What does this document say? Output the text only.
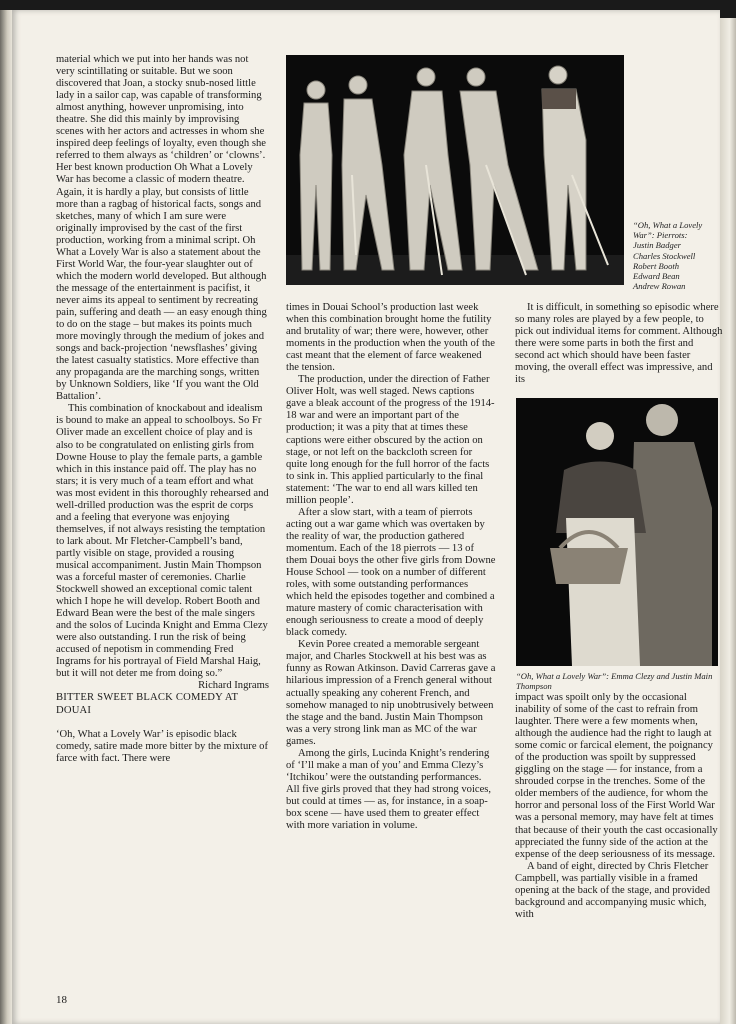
material which we put into her hands was not very scintillating or suitable. But we soon discovered that Joan, a stocky snub-nosed little lady in a sailor cap, was capable of transforming almost anything, however unpromising, into theatre. She did this mainly by improvising scenes with her actors and actresses in whom she inspired deep feelings of loyalty, even though she referred to them always as ‘children’ or ‘clowns’. Her best known production Oh What a Lovely War has become a classic of modern theatre. Again, it is hardly a play, but consists of little more than a ragbag of historical facts, songs and sketches, many of which I am sure were originally improvised by the cast of the first production, working from a minimal script. Oh What a Lovely War is also a statement about the First World War, the four-year slaughter out of which the modern world developed. But although the message of the entertainment is pacifist, it never aims its appeal to sentiment by recreating pain, suffering and death — an easy enough thing to do on the stage – but makes its points much more movingly through the medium of jokes and songs and back-projection ‘newsflashes’ giving the latest casualty statistics. More effective than any propaganda are the marching songs, written by Unknown Soldiers, like ‘If you want the Old Battalion’.

This combination of knockabout and idealism is bound to make an appeal to schoolboys. So Fr Oliver made an excellent choice of play and is also to be congratulated on enlisting girls from Downe House to play the female parts, a gamble which in this instance paid off. The play has no stars; it is very much of a team effort and what was most evident in this thoroughly rehearsed and well-drilled production was the esprit de corps and a feeling that everyone was enjoying themselves, if not always resisting the temptation to lark about. Mr Fletcher-Campbell’s band, partly visible on stage, provided a rousing musical accompaniment. Justin Main Thompson was a forceful master of ceremonies. Charlie Stockwell showed an exceptional comic talent which I hope he will develop. Robert Booth and Edward Bean were the best of the male singers and the solos of Lucinda Knight and Emma Clezy were also outstanding. I run the risk of being accused of nepotism in commending Fred Ingrams for his portrayal of Field Marshal Haig, but it will not deter me from doing so.”

Richard Ingrams

BITTER SWEET BLACK COMEDY AT DOUAI

‘Oh, What a Lovely War’ is episodic black comedy, satire made more bitter by the mixture of farce with fact. There were

“Oh, What a Lovely
War”: Pierrots:
Justin Badger
Charles Stockwell
Robert Booth
Edward Bean
Andrew Rowan

times in Douai School’s production last week when this combination brought home the futility and brutality of war; there were, however, other moments in the production when the youth of the cast meant that the element of farce weakened the tension.

The production, under the direction of Father Oliver Holt, was well staged. News captions gave a bleak account of the progress of the 1914-18 war and were an important part of the production; it was a pity that at times these captions were either obscured by the action on stage, or not left on the backcloth screen for quite long enough for the full horror of the facts to sink in. This applied particularly to the final statement: ‘The war to end all wars killed ten million people’.

After a slow start, with a team of pierrots acting out a war game which was overtaken by the reality of war, the production gathered momentum. Each of the 18 pierrots — 13 of them Douai boys the other five girls from Downe House School — took on a number of different roles, with some outstanding performances which held the episodes together and combined a mature mastery of comic characterisation with enough seriousness to create a mood of deeply black comedy.

Kevin Poree created a memorable sergeant major, and Charles Stockwell at his best was as funny as Rowan Atkinson. David Carreras gave a hilarious impression of a French general without actually speaking any coherent French, and somehow managed to nip unobtrusively between the stage and the band. Justin Main Thompson was a very strong link man as MC of the war games.

Among the girls, Lucinda Knight’s rendering of ‘I’ll make a man of you’ and Emma Clezy’s ‘Itchikou’ were the outstanding performances. All five girls proved that they had strong voices, but could at times — as, for instance, in a soap-box scene — have used them to greater effect with more variation in volume.

It is difficult, in something so episodic where so many roles are played by a few people, to pick out individual items for comment. Although there were some parts in both the first and second act which should have been faster moving, the overall effect was impressive, and its

“Oh, What a Lovely War”: Emma Clezy and Justin Main Thompson

impact was spoilt only by the occasional inability of some of the cast to refrain from laughter. There were a few moments when, although the audience had the right to laugh at some comic or farcical element, the poignancy of the production was spoilt by suppressed giggling on the stage — for instance, from a shrouded corpse in the trenches. Some of the older members of the audience, for whom the horror and personal loss of the First World War was a personal memory, may have felt at times that because of their youth the cast occasionally appreciated the funny side of the action at the expense of the deep seriousness of its message.

A band of eight, directed by Chris Fletcher Campbell, was partially visible in a framed opening at the back of the stage, and provided background and accompanying music which, with

18
